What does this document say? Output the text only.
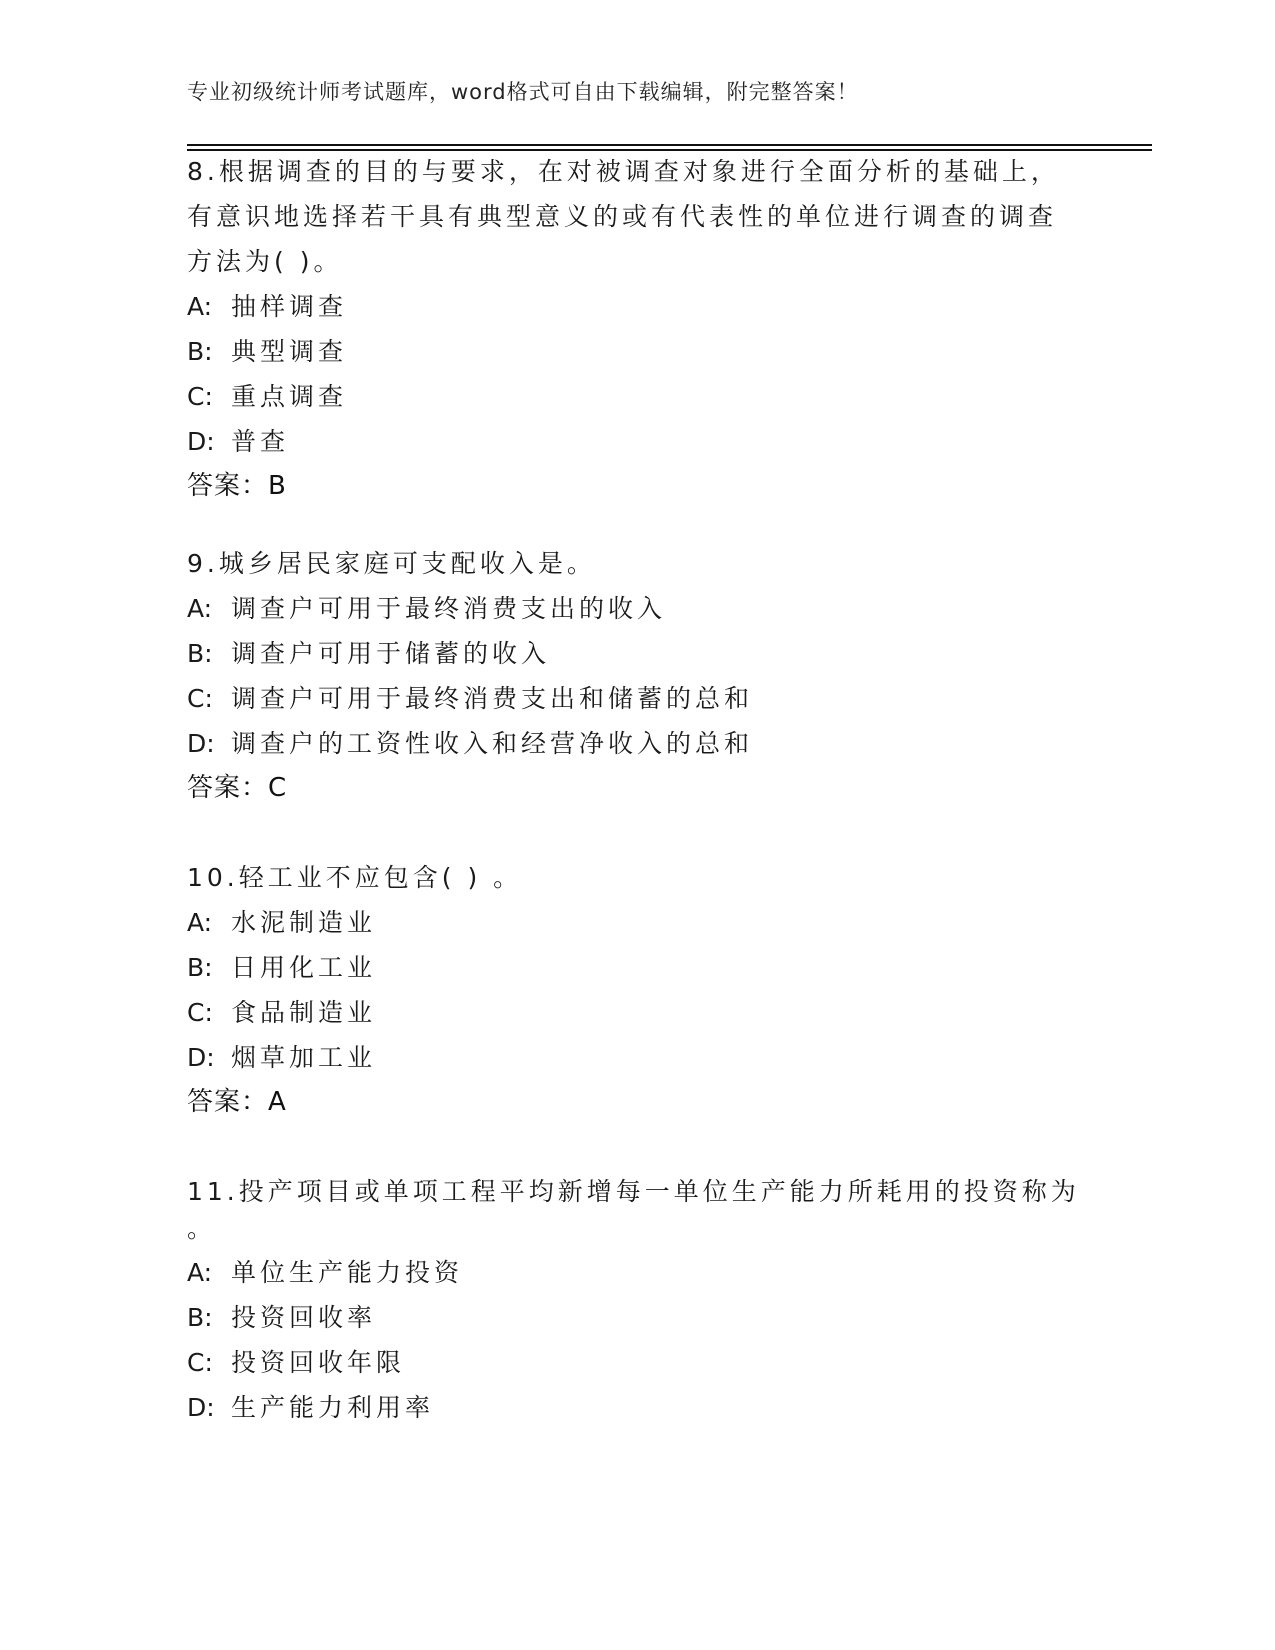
专业初级统计师考试题库，word格式可自由下载编辑，附完整答案！
8.根据调查的目的与要求，在对被调查对象进行全面分析的基础上，
有意识地选择若干具有典型意义的或有代表性的单位进行调查的调查
方法为( )。
A: 抽样调查
B: 典型调查
C: 重点调查
D: 普查
答案：B
9.城乡居民家庭可支配收入是。
A: 调查户可用于最终消费支出的收入
B: 调查户可用于储蓄的收入
C: 调查户可用于最终消费支出和储蓄的总和
D: 调查户的工资性收入和经营净收入的总和
答案：C
10.轻工业不应包含( ) 。
A: 水泥制造业
B: 日用化工业
C: 食品制造业
D: 烟草加工业
答案：A
11.投产项目或单项工程平均新增每一单位生产能力所耗用的投资称为
。
A: 单位生产能力投资
B: 投资回收率
C: 投资回收年限
D: 生产能力利用率
